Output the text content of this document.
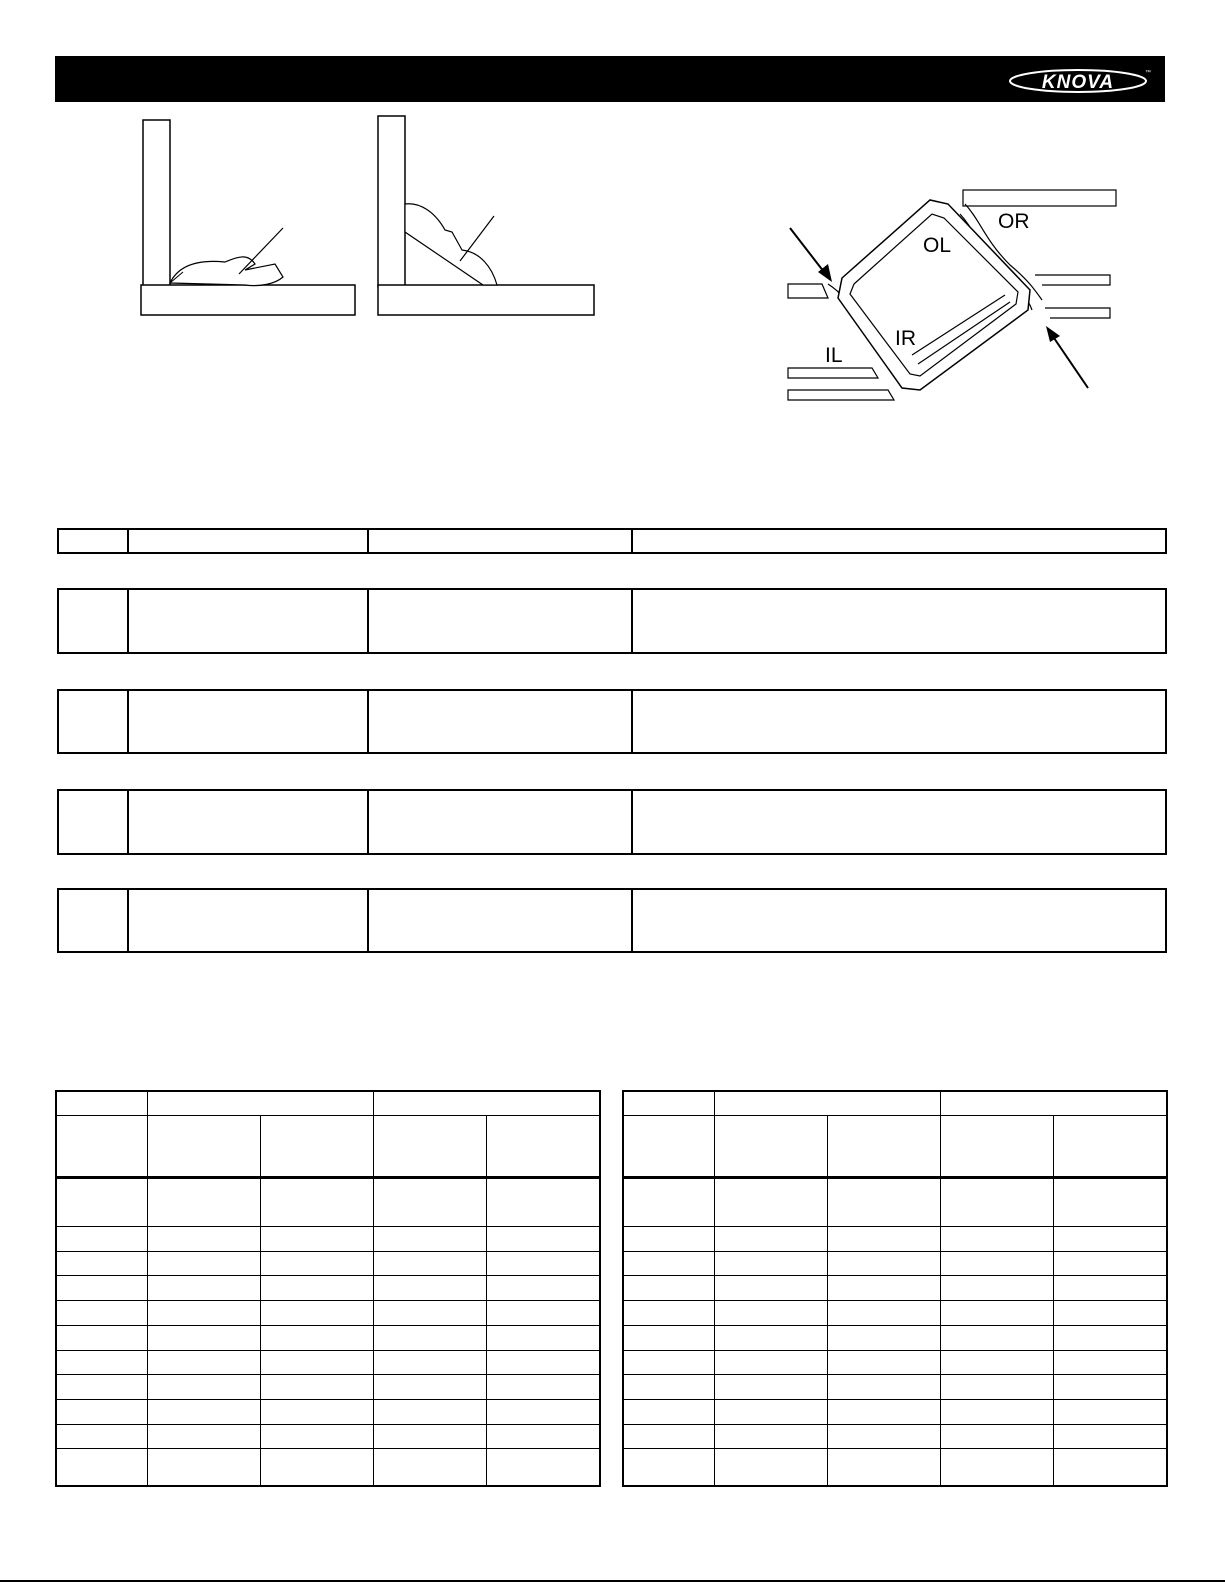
KNOVA	™
OL
OR
IL
IR
